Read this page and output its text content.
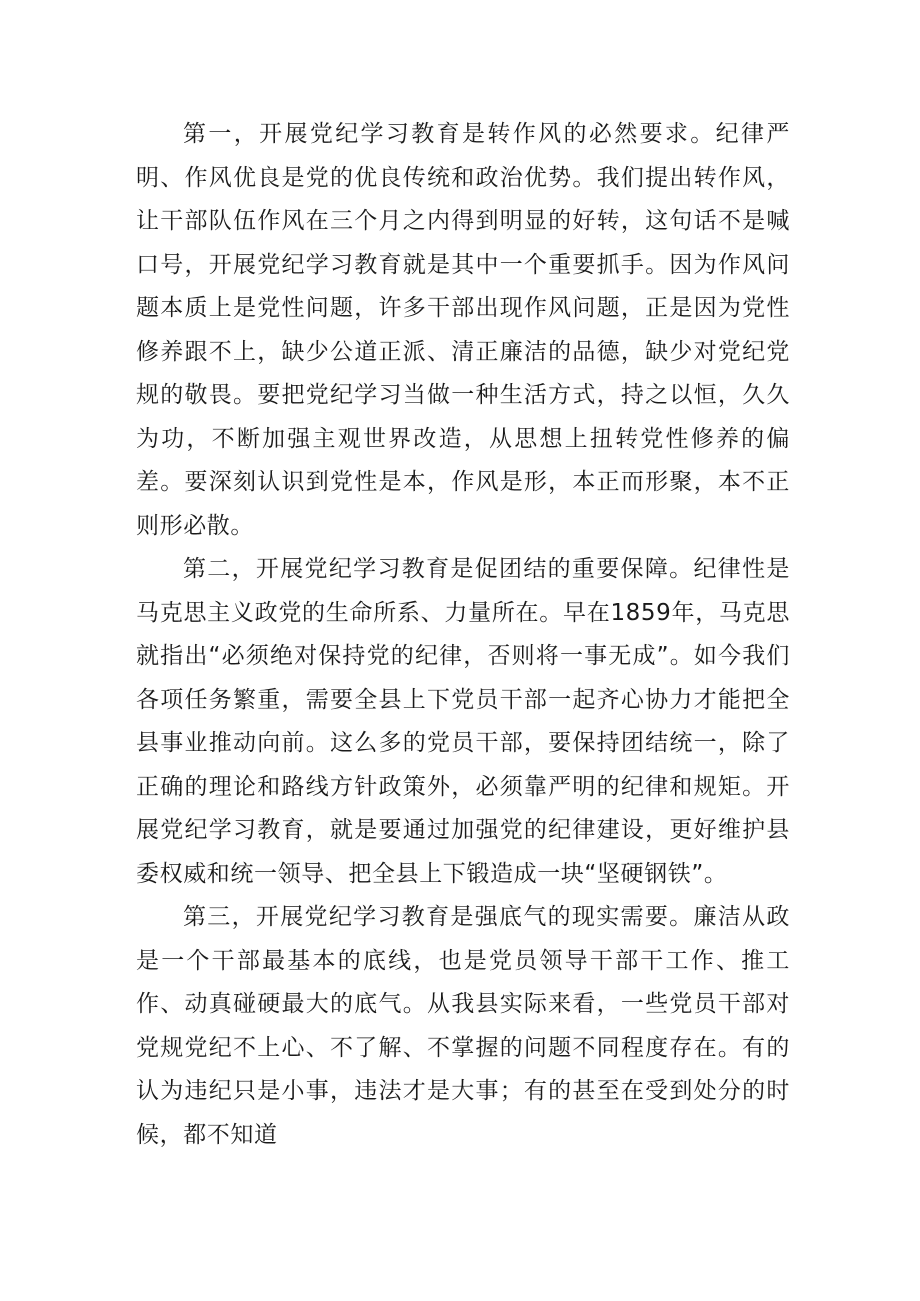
第一，开展党纪学习教育是转作风的必然要求。纪律严明、作风优良是党的优良传统和政治优势。我们提出转作风，让干部队伍作风在三个月之内得到明显的好转，这句话不是喊口号，开展党纪学习教育就是其中一个重要抓手。因为作风问题本质上是党性问题，许多干部出现作风问题，正是因为党性修养跟不上，缺少公道正派、清正廉洁的品德，缺少对党纪党规的敬畏。要把党纪学习当做一种生活方式，持之以恒，久久为功，不断加强主观世界改造，从思想上扭转党性修养的偏差。要深刻认识到党性是本，作风是形，本正而形聚，本不正则形必散。

第二，开展党纪学习教育是促团结的重要保障。纪律性是马克思主义政党的生命所系、力量所在。早在1859年，马克思就指出“必须绝对保持党的纪律，否则将一事无成”。如今我们各项任务繁重，需要全县上下党员干部一起齐心协力才能把全县事业推动向前。这么多的党员干部，要保持团结统一，除了正确的理论和路线方针政策外，必须靠严明的纪律和规矩。开展党纪学习教育，就是要通过加强党的纪律建设，更好维护县委权威和统一领导、把全县上下锻造成一块“坚硬钢铁”。

第三，开展党纪学习教育是强底气的现实需要。廉洁从政是一个干部最基本的底线，也是党员领导干部干工作、推工作、动真碰硬最大的底气。从我县实际来看，一些党员干部对党规党纪不上心、不了解、不掌握的问题不同程度存在。有的认为违纪只是小事，违法才是大事；有的甚至在受到处分的时候，都不知道
